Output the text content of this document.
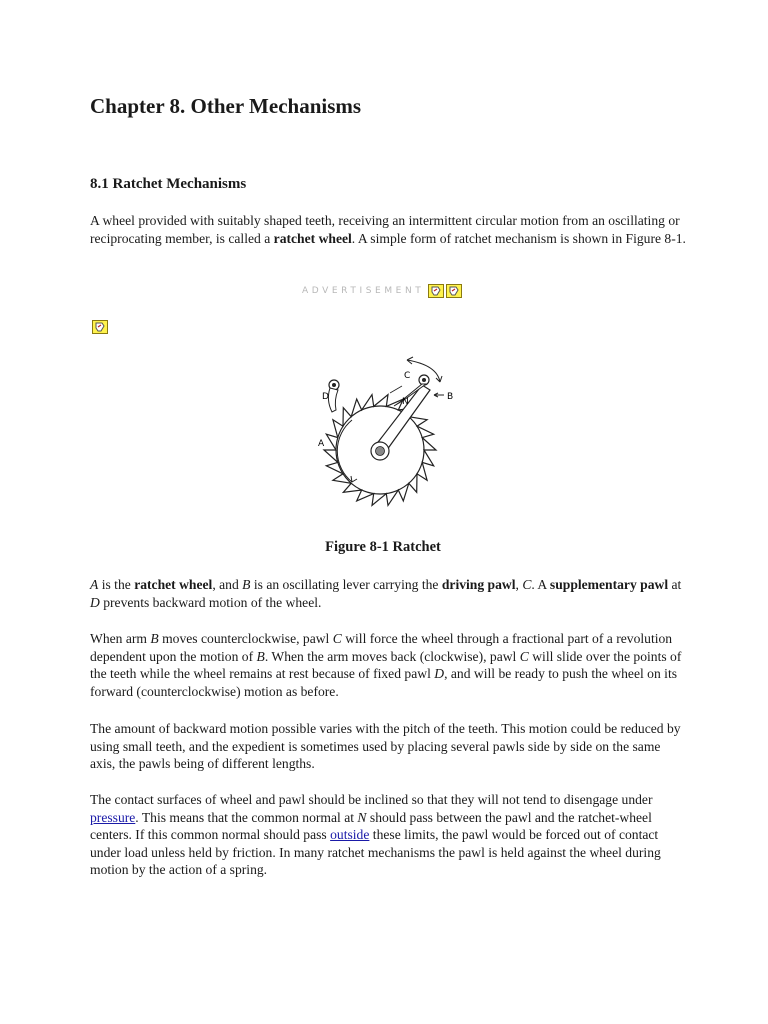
Chapter 8. Other Mechanisms
8.1 Ratchet Mechanisms

A wheel provided with suitably shaped teeth, receiving an intermittent circular motion from an oscillating or reciprocating member, is called a ratchet wheel. A simple form of ratchet mechanism is shown in Figure 8-1.

ADVERTISEMENT
B
C
D	N
A
Figure 8-1 Ratchet

A is the ratchet wheel, and B is an oscillating lever carrying the driving pawl, C. A supplementary pawl at D prevents backward motion of the wheel.

When arm B moves counterclockwise, pawl C will force the wheel through a fractional part of a revolution dependent upon the motion of B. When the arm moves back (clockwise), pawl C will slide over the points of the teeth while the wheel remains at rest because of fixed pawl D, and will be ready to push the wheel on its forward (counterclockwise) motion as before.

The amount of backward motion possible varies with the pitch of the teeth. This motion could be reduced by using small teeth, and the expedient is sometimes used by placing several pawls side by side on the same axis, the pawls being of different lengths.

The contact surfaces of wheel and pawl should be inclined so that they will not tend to disengage under pressure. This means that the common normal at N should pass between the pawl and the ratchet-wheel centers. If this common normal should pass outside these limits, the pawl would be forced out of contact under load unless held by friction. In many ratchet mechanisms the pawl is held against the wheel during motion by the action of a spring.
